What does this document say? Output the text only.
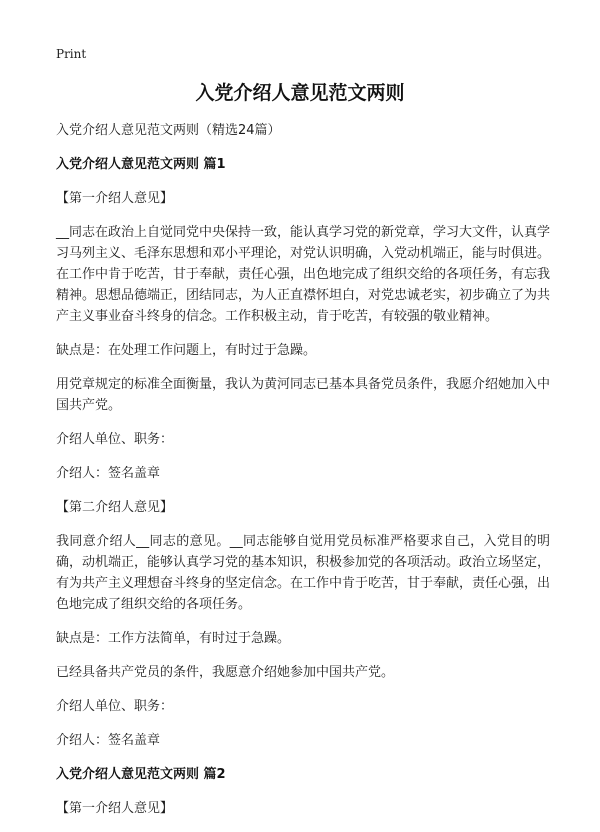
Print
入党介绍人意见范文两则

入党介绍人意见范文两则（精选24篇）

入党介绍人意见范文两则 篇1

【第一介绍人意见】

__同志在政治上自觉同党中央保持一致，能认真学习党的新党章，学习大文件，认真学习马列主义、毛泽东思想和邓小平理论，对党认识明确，入党动机端正，能与时俱进。在工作中肯于吃苦，甘于奉献，责任心强，出色地完成了组织交给的各项任务，有忘我精神。思想品德端正，团结同志，为人正直襟怀坦白，对党忠诚老实，初步确立了为共产主义事业奋斗终身的信念。工作积极主动，肯于吃苦，有较强的敬业精神。

缺点是：在处理工作问题上，有时过于急躁。

用党章规定的标准全面衡量，我认为黄河同志已基本具备党员条件，我愿介绍她加入中国共产党。

介绍人单位、职务：

介绍人：签名盖章

【第二介绍人意见】

我同意介绍人__同志的意见。__同志能够自觉用党员标准严格要求自己，入党目的明确，动机端正，能够认真学习党的基本知识，积极参加党的各项活动。政治立场坚定，有为共产主义理想奋斗终身的坚定信念。在工作中肯于吃苦，甘于奉献，责任心强，出色地完成了组织交给的各项任务。

缺点是：工作方法简单，有时过于急躁。

已经具备共产党员的条件，我愿意介绍她参加中国共产党。

介绍人单位、职务：

介绍人：签名盖章

入党介绍人意见范文两则 篇2

【第一介绍人意见】
